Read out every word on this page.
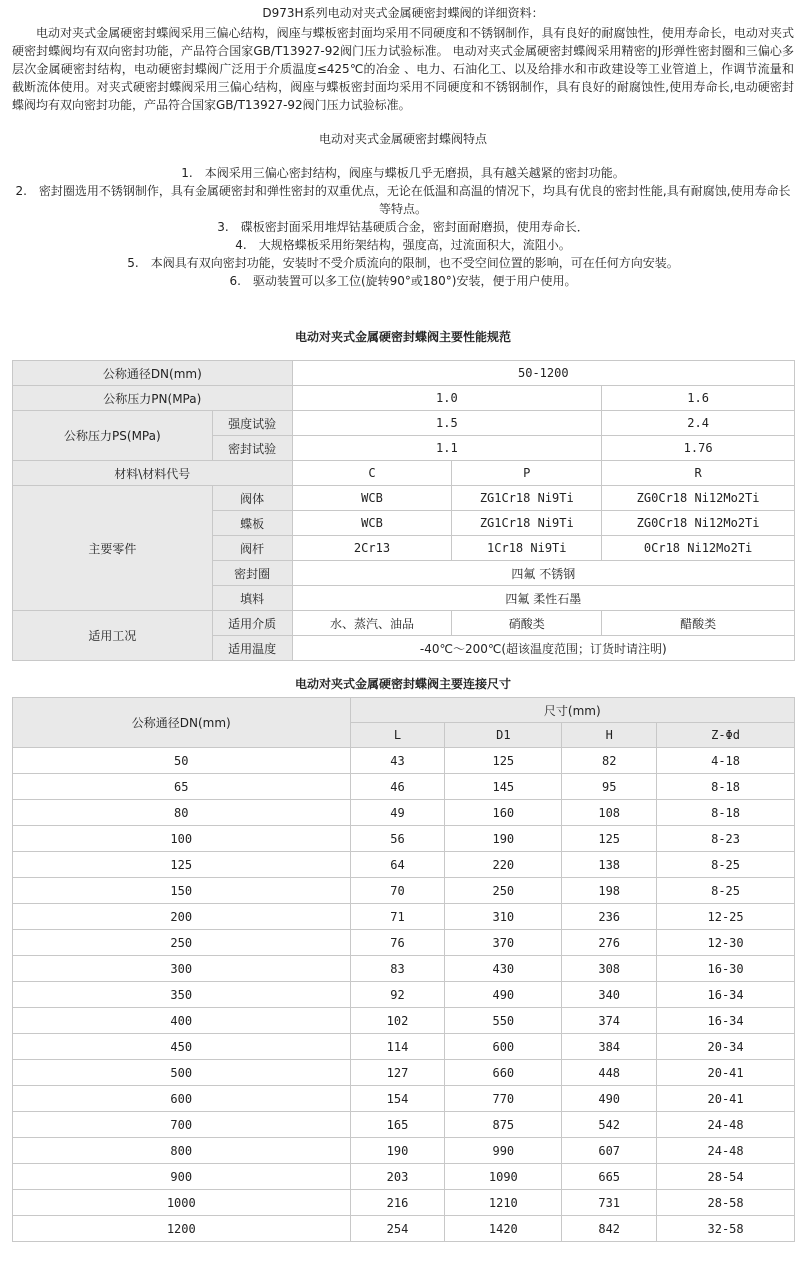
D973H系列电动对夹式金属硬密封蝶阀的详细资料：

电动对夹式金属硬密封蝶阀采用三偏心结构，阀座与蝶板密封面均采用不同硬度和不锈钢制作，具有良好的耐腐蚀性，使用寿命长，电动对夹式硬密封蝶阀均有双向密封功能，产品符合国家GB/T13927-92阀门压力试验标准。 电动对夹式金属硬密封蝶阀采用精密的J形弹性密封圈和三偏心多层次金属硬密封结构，电动硬密封蝶阀广泛用于介质温度≤425℃的冶金 、电力、石油化工、以及给排水和市政建设等工业管道上，作调节流量和截断流体使用。对夹式硬密封蝶阀采用三偏心结构，阀座与蝶板密封面均采用不同硬度和不锈钢制作，具有良好的耐腐蚀性,使用寿命长,电动硬密封蝶阀均有双向密封功能，产品符合国家GB/T13927-92阀门压力试验标准。

电动对夹式金属硬密封蝶阀特点
1.　本阀采用三偏心密封结构，阀座与蝶板几乎无磨损，具有越关越紧的密封功能。
2.　密封圈选用不锈钢制作，具有金属硬密封和弹性密封的双重优点，无论在低温和高温的情况下，均具有优良的密封性能,具有耐腐蚀,使用寿命长等特点。
3.　碟板密封面采用堆焊钴基硬质合金，密封面耐磨损，使用寿命长．
4.　大规格蝶板采用绗架结构，强度高，过流面积大，流阻小。
5.　本阀具有双向密封功能，安装时不受介质流向的限制，也不受空间位置的影响，可在任何方向安装。
6.　驱动装置可以多工位(旋转90°或180°)安装，便于用户使用。
电动对夹式金属硬密封蝶阀主要性能规范
公称通径DN(mm)		50-1200		
公称压力PN(MPa)		1.0		1.6
公称压力PS(MPa)	强度试验	1.5		2.4
	密封试验	1.1		1.76
材料\材料代号		C	P	R
主要零件	阀体	WCB	ZG1Cr18 Ni9Ti	ZG0Cr18 Ni12Mo2Ti
	蝶板	WCB	ZG1Cr18 Ni9Ti	ZG0Cr18 Ni12Mo2Ti
	阀杆	2Cr13	1Cr18 Ni9Ti	0Cr18 Ni12Mo2Ti
	密封圈	四氟 不锈钢		
	填料	四氟 柔性石墨		
适用工况	适用介质	水、蒸汽、油品	硝酸类	醋酸类
	适用温度	-40℃～200℃(超该温度范围；订货时请注明)		
电动对夹式金属硬密封蝶阀主要连接尺寸
公称通径DN(mm)	尺寸(mm)			
	L	D1	H	Z-Φd
50	43	125	82	4-18
65	46	145	95	8-18
80	49	160	108	8-18
100	56	190	125	8-23
125	64	220	138	8-25
150	70	250	198	8-25
200	71	310	236	12-25
250	76	370	276	12-30
300	83	430	308	16-30
350	92	490	340	16-34
400	102	550	374	16-34
450	114	600	384	20-34
500	127	660	448	20-41
600	154	770	490	20-41
700	165	875	542	24-48
800	190	990	607	24-48
900	203	1090	665	28-54
1000	216	1210	731	28-58
1200	254	1420	842	32-58
